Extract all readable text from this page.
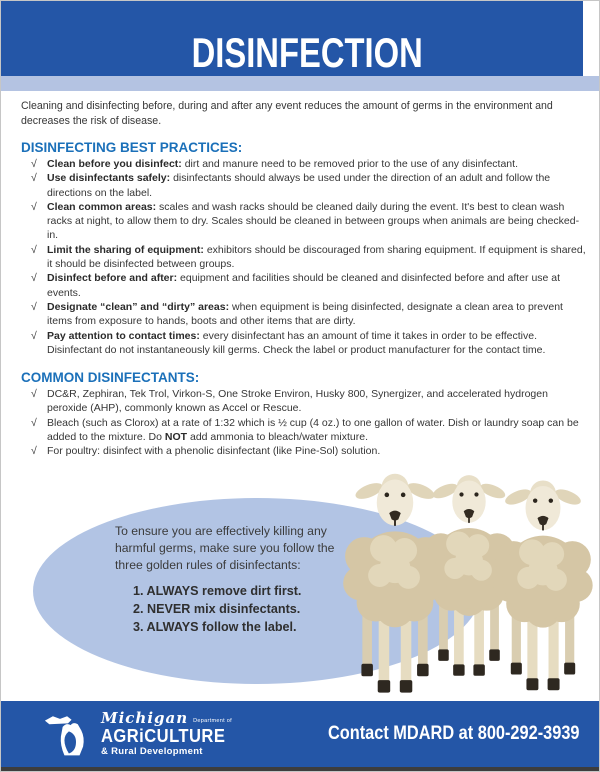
DISINFECTION
Cleaning and disinfecting before, during and after any event reduces the amount of germs in the environment and decreases the risk of disease.
DISINFECTING BEST PRACTICES:
√ Clean before you disinfect: dirt and manure need to be removed prior to the use of any disinfectant.
√ Use disinfectants safely: disinfectants should always be used under the direction of an adult and follow the directions on the label.
√ Clean common areas: scales and wash racks should be cleaned daily during the event. It's best to clean wash racks at night, to allow them to dry. Scales should be cleaned in between groups when animals are being checked-in.
√ Limit the sharing of equipment: exhibitors should be discouraged from sharing equipment. If equipment is shared, it should be disinfected between groups.
√ Disinfect before and after: equipment and facilities should be cleaned and disinfected before and after use at events.
√ Designate “clean” and “dirty” areas: when equipment is being disinfected, designate a clean area to prevent items from exposure to hands, boots and other items that are dirty.
√ Pay attention to contact times: every disinfectant has an amount of time it takes in order to be effective. Disinfectant do not instantaneously kill germs. Check the label or product manufacturer for the contact time.
COMMON DISINFECTANTS:
√ DC&R, Zephiran, Tek Trol, Virkon-S, One Stroke Environ, Husky 800, Synergizer, and accelerated hydrogen peroxide (AHP), commonly known as Accel or Rescue.
√ Bleach (such as Clorox) at a rate of 1:32 which is ½ cup (4 oz.) to one gallon of water. Dish or laundry soap can be added to the mixture. Do NOT add ammonia to bleach/water mixture.
√ For poultry: disinfect with a phenolic disinfectant (like Pine-Sol) solution.
To ensure you are effectively killing any harmful germs, make sure you follow the three golden rules of disinfectants:
1. ALWAYS remove dirt first.
2. NEVER mix disinfectants.
3. ALWAYS follow the label.
Michigan Department of
AGRiCULTURE
& Rural Development
Contact MDARD at 800-292-3939
